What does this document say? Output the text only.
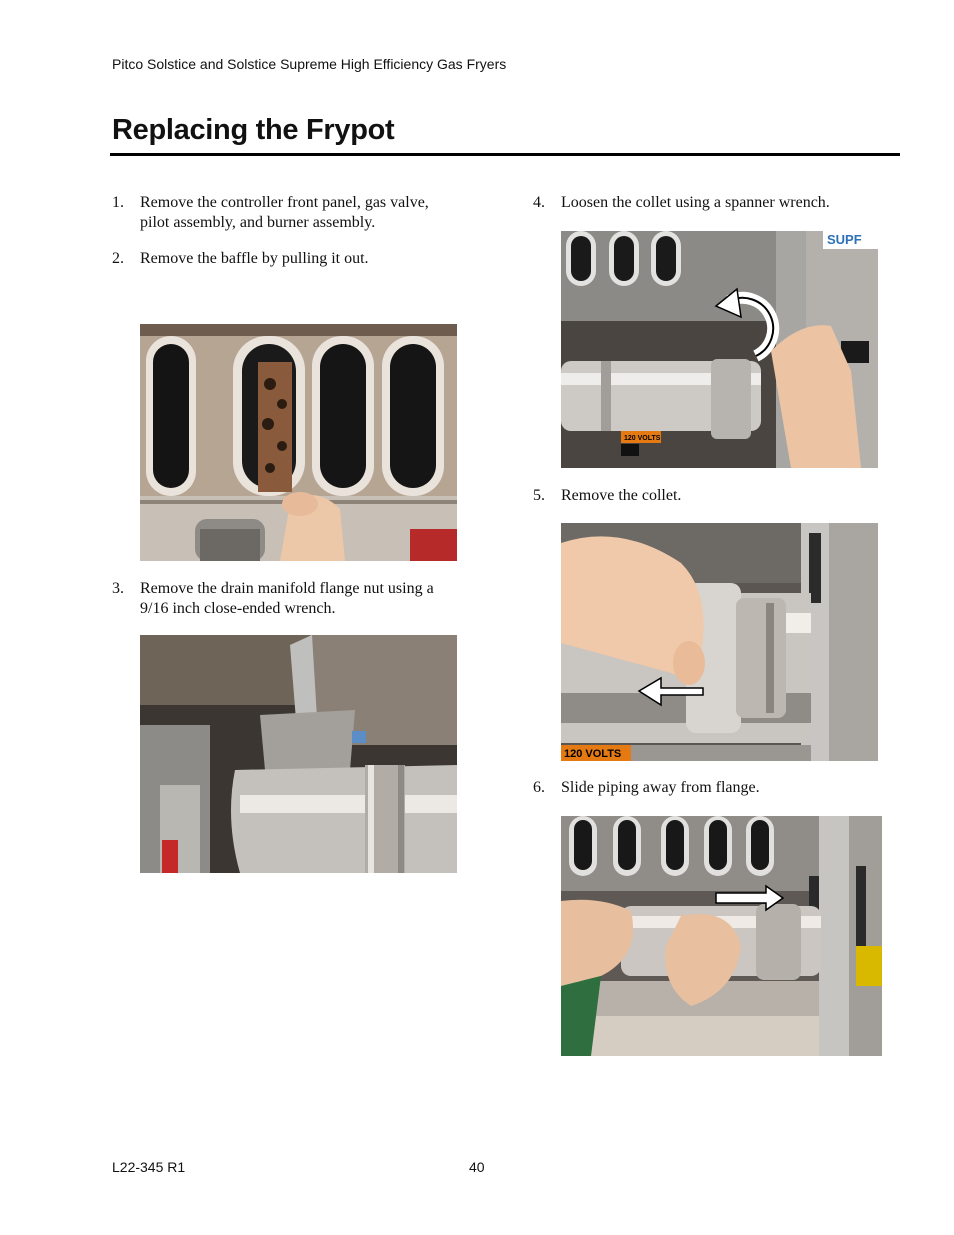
Pitco Solstice and Solstice Supreme High Efficiency Gas Fryers
Replacing the Frypot
1. Remove the controller front panel, gas valve,
pilot assembly, and burner assembly.
2. Remove the baffle by pulling it out.
3. Remove the drain manifold flange nut using a
9/16 inch close-ended wrench.
4. Loosen the collet using a spanner wrench.
SUPF
120 VOLTS
5. Remove the collet.
120 VOLTS
6. Slide piping away from flange.
L22-345 R1	40
